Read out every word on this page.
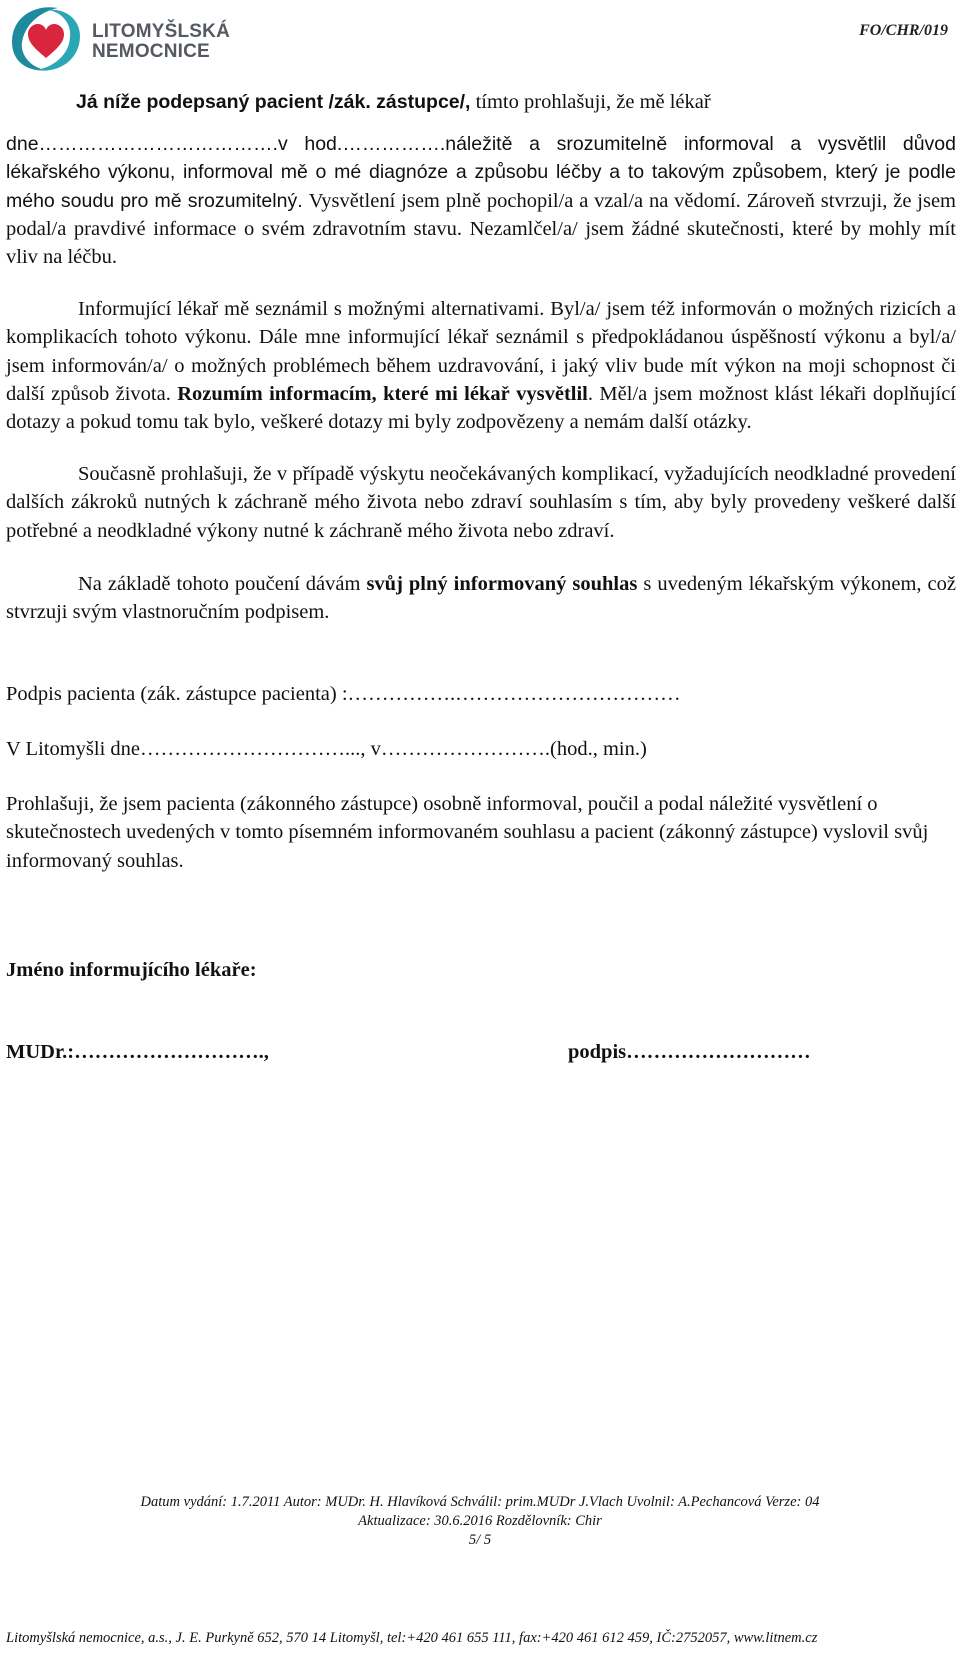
LITOMYŠLSKÁ
NEMOCNICE
FO/CHR/019
Já níže podepsaný pacient /zák. zástupce/, tímto prohlašuji, že mě lékař
dne……………………………….v hod.…………….náležitě a srozumitelně informoval a vysvětlil důvod lékařského výkonu, informoval mě o mé diagnóze a způsobu léčby a to takovým způsobem, který je podle mého soudu pro mě srozumitelný. Vysvětlení jsem plně pochopil/a a vzal/a na vědomí. Zároveň stvrzuji, že jsem podal/a pravdivé informace o svém zdravotním stavu. Nezamlčel/a/ jsem žádné skutečnosti, které by mohly mít vliv na léčbu.
Informující lékař mě seznámil s možnými alternativami. Byl/a/ jsem též informován o možných rizicích a komplikacích tohoto výkonu. Dále mne informující lékař seznámil s předpokládanou úspěšností výkonu a byl/a/ jsem informován/a/ o možných problémech během uzdravování, i jaký vliv bude mít výkon na moji schopnost či další způsob života. Rozumím informacím, které mi lékař vysvětlil. Měl/a jsem možnost klást lékaři doplňující dotazy a pokud tomu tak bylo, veškeré dotazy mi byly zodpovězeny a nemám další otázky.
Současně prohlašuji, že v případě výskytu neočekávaných komplikací, vyžadujících neodkladné provedení dalších zákroků nutných k záchraně mého života nebo zdraví souhlasím s tím, aby byly provedeny veškeré další potřebné a neodkladné výkony nutné k záchraně mého života nebo zdraví.
Na základě tohoto poučení dávám svůj plný informovaný souhlas s uvedeným lékařským výkonem, což stvrzuji svým vlastnoručním podpisem.
Podpis pacienta (zák. zástupce pacienta) :…………….……………………………
V Litomyšli dne…………………………..., v…………………….(hod., min.)
Prohlašuji, že jsem pacienta (zákonného zástupce) osobně informoval, poučil a podal náležité vysvětlení o skutečnostech uvedených v tomto písemném informovaném souhlasu a pacient (zákonný zástupce) vyslovil svůj informovaný souhlas.
Jméno informujícího lékaře:
MUDr.:……………………….,	podpis………………………
Datum vydání: 1.7.2011 Autor: MUDr. H. Hlavíková Schválil: prim.MUDr J.Vlach Uvolnil: A.Pechancová Verze: 04
Aktualizace: 30.6.2016 Rozdělovník: Chir
5/ 5
Litomyšlská nemocnice, a.s., J. E. Purkyně 652, 570 14 Litomyšl, tel:+420 461 655 111, fax:+420 461 612 459, IČ:2752057, www.litnem.cz
